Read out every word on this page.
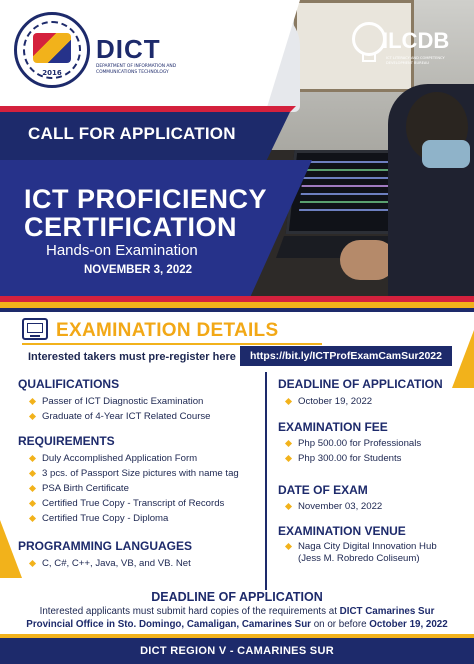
2016
DICT
DEPARTMENT OF INFORMATION AND COMMUNICATIONS TECHNOLOGY
ILCDB
ICT LITERACY AND COMPETENCY DEVELOPMENT BUREAU
CALL FOR APPLICATION
ICT PROFICIENCY
CERTIFICATION
Hands-on Examination
NOVEMBER 3, 2022
EXAMINATION DETAILS
Interested takers must pre-register here	https://bit.ly/ICTProfExamCamSur2022
QUALIFICATIONS
Passer of ICT Diagnostic Examination
Graduate of 4-Year ICT Related Course
REQUIREMENTS
Duly Accomplished Application Form
3 pcs. of Passport Size pictures with name tag
PSA Birth Certificate
Certified True Copy - Transcript of Records
Certified True Copy - Diploma
PROGRAMMING LANGUAGES
C, C#, C++, Java, VB, and VB. Net
DEADLINE OF APPLICATION
October 19, 2022
EXAMINATION FEE
Php 500.00 for Professionals
Php 300.00 for Students
DATE OF EXAM
November 03, 2022
EXAMINATION VENUE
Naga City Digital Innovation Hub
(Jess M. Robredo Coliseum)
DEADLINE OF APPLICATION
Interested applicants must submit hard copies of the requirements at DICT Camarines Sur
Provincial Office in Sto. Domingo, Camaligan, Camarines Sur on or before October 19, 2022
DICT REGION V - CAMARINES SUR
